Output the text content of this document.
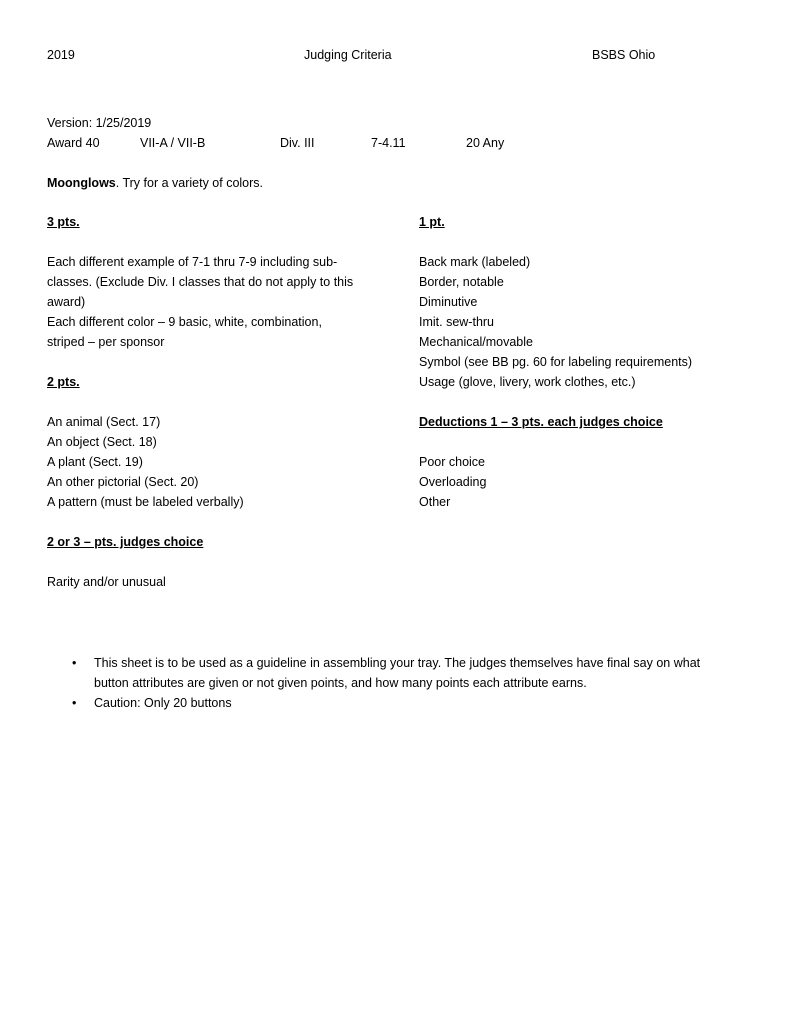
2019	Judging Criteria	BSBS Ohio
Version: 1/25/2019
Award 40	VII-A / VII-B	Div. III	7-4.11	20 Any
Moonglows. Try for a variety of colors.
3 pts.
Each different example of 7-1 thru 7-9 including sub-
classes. (Exclude Div. I classes that do not apply to this
award)
Each different color – 9 basic, white, combination,
striped – per sponsor
2 pts.
An animal (Sect. 17)
An object (Sect. 18)
A plant (Sect. 19)
An other pictorial (Sect. 20)
A pattern (must be labeled verbally)
2 or 3 – pts. judges choice
Rarity and/or unusual
1 pt.
Back mark (labeled)
Border, notable
Diminutive
Imit. sew-thru
Mechanical/movable
Symbol (see BB pg. 60 for labeling requirements)
Usage (glove, livery, work clothes, etc.)
Deductions 1 – 3 pts. each judges choice
Poor choice
Overloading
Other
• This sheet is to be used as a guideline in assembling your tray. The judges themselves have final say on what button attributes are given or not given points, and how many points each attribute earns.
• Caution: Only 20 buttons
